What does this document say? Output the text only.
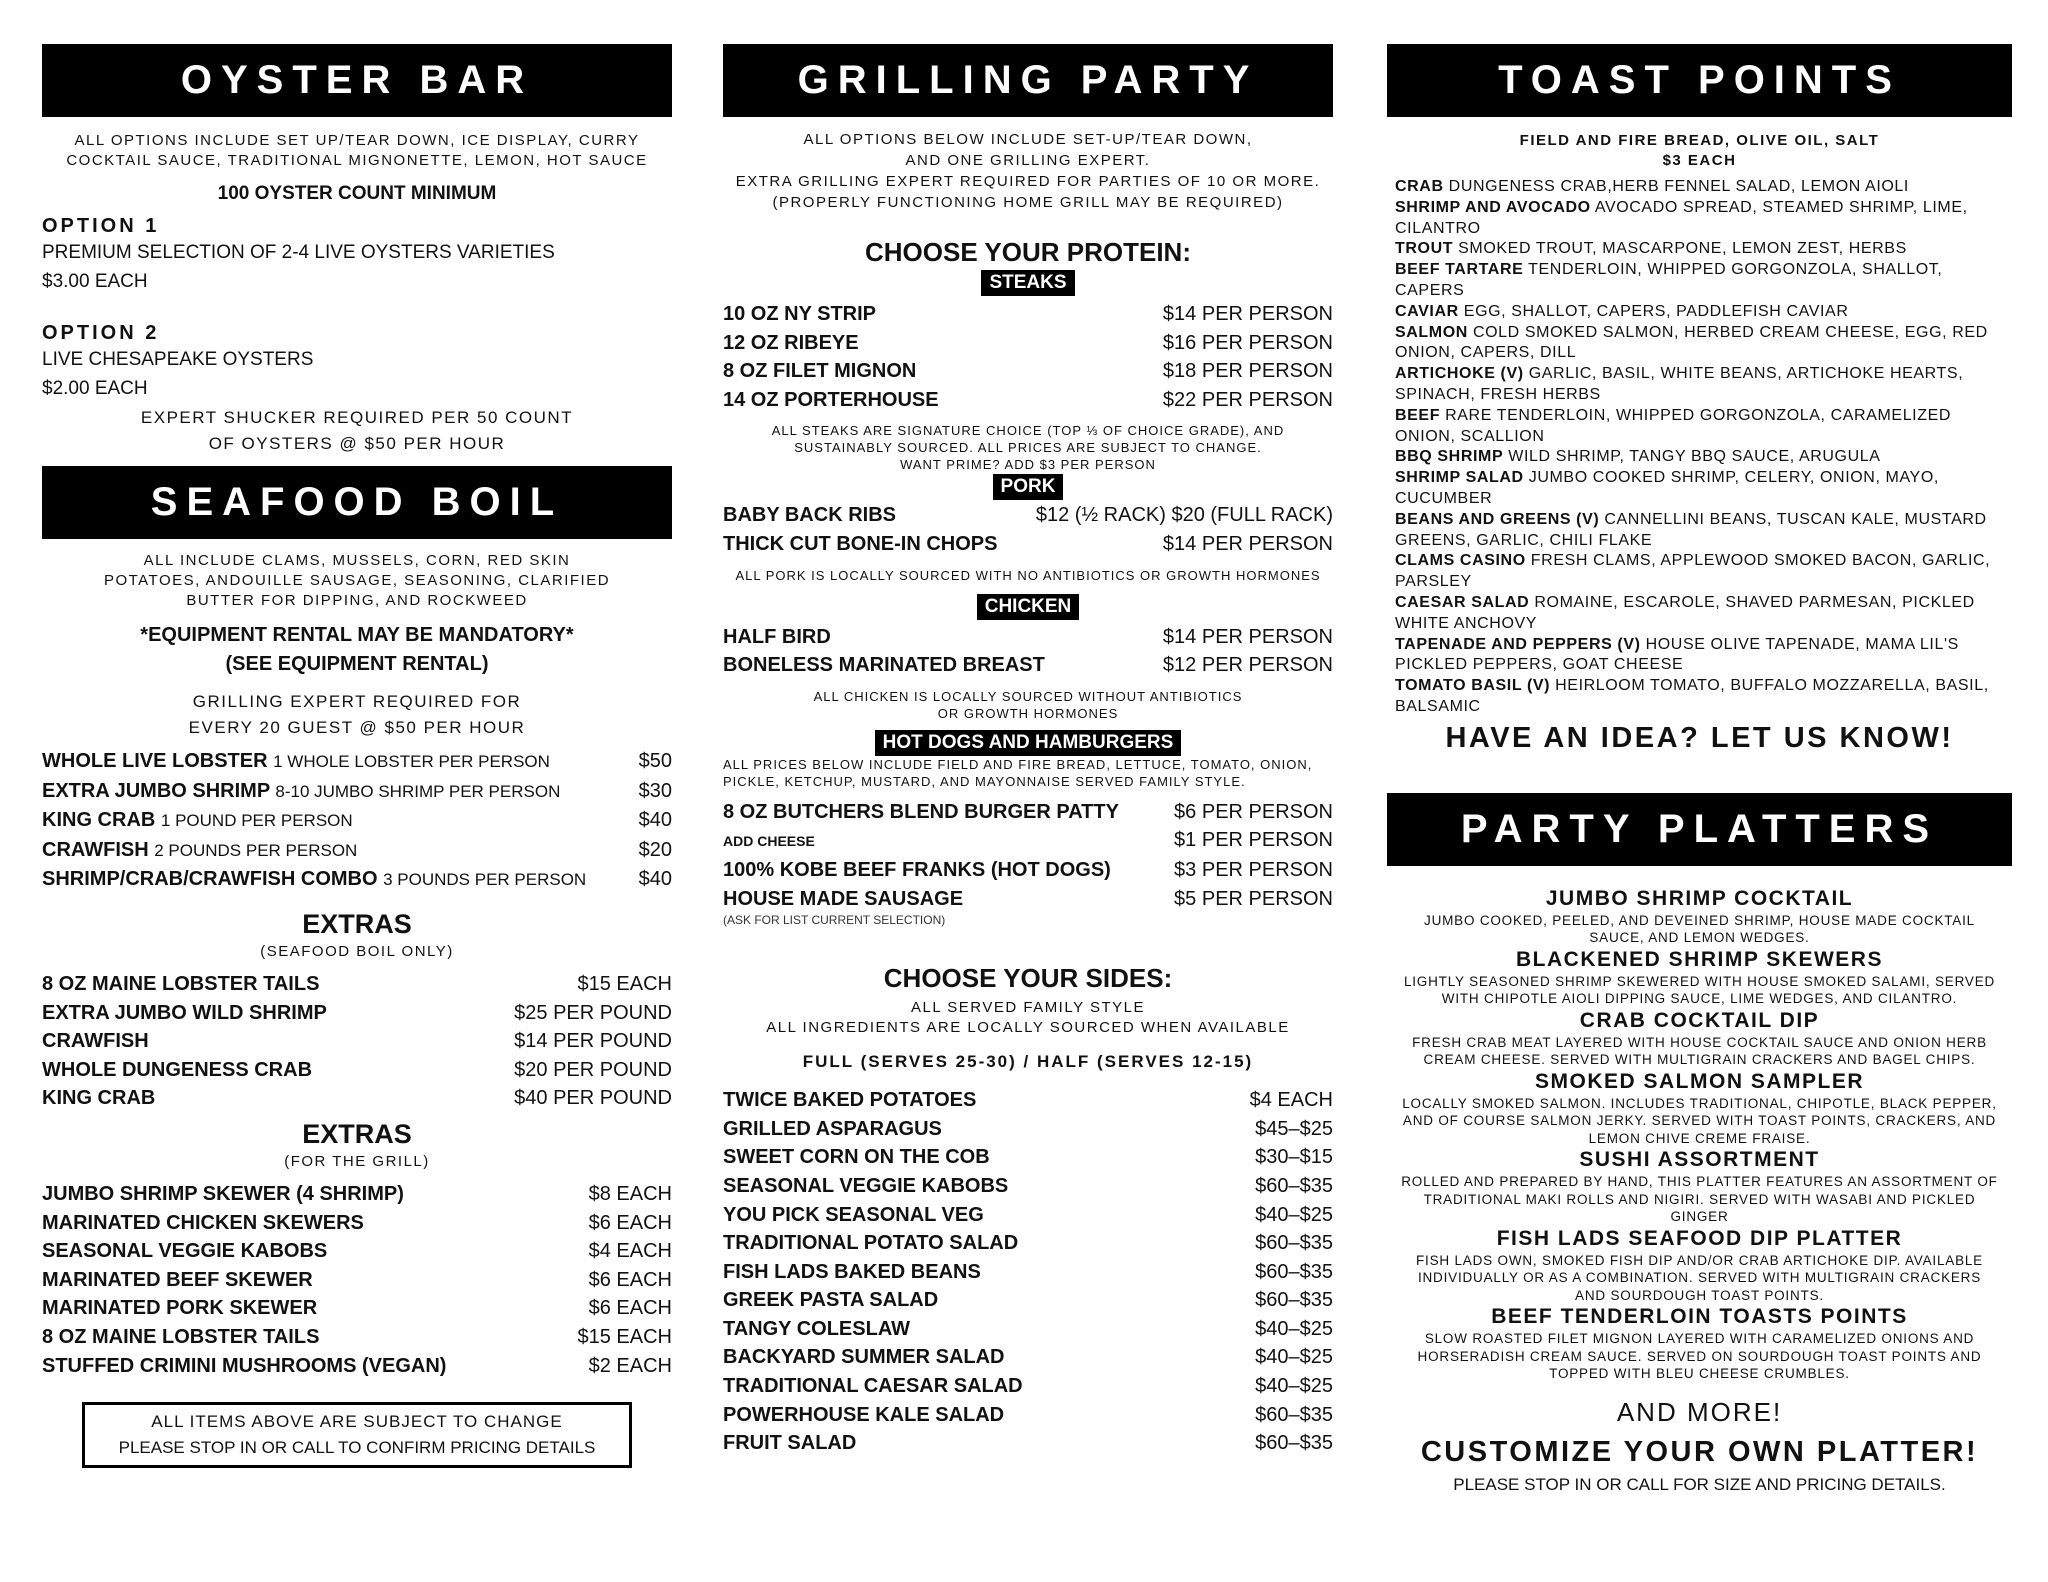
OYSTER BAR
ALL OPTIONS INCLUDE SET UP/TEAR DOWN, ICE DISPLAY, CURRY
COCKTAIL SAUCE, TRADITIONAL MIGNONETTE, LEMON, HOT SAUCE
100 OYSTER COUNT MINIMUM
OPTION 1
PREMIUM SELECTION OF 2-4 LIVE OYSTERS VARIETIES
$3.00 EACH
OPTION 2
LIVE CHESAPEAKE OYSTERS
$2.00 EACH
EXPERT SHUCKER REQUIRED PER 50 COUNT
OF OYSTERS @ $50 PER HOUR
SEAFOOD BOIL
ALL INCLUDE CLAMS, MUSSELS, CORN, RED SKIN
POTATOES, ANDOUILLE SAUSAGE, SEASONING, CLARIFIED
BUTTER FOR DIPPING, AND ROCKWEED
*EQUIPMENT RENTAL MAY BE MANDATORY*
(SEE EQUIPMENT RENTAL)
GRILLING EXPERT REQUIRED FOR
EVERY 20 GUEST @ $50 PER HOUR
WHOLE LIVE LOBSTER 1 WHOLE LOBSTER PER PERSON	$50
EXTRA JUMBO SHRIMP 8-10 JUMBO SHRIMP PER PERSON	$30
KING CRAB 1 POUND PER PERSON	$40
CRAWFISH 2 POUNDS PER PERSON	$20
SHRIMP/CRAB/CRAWFISH COMBO 3 POUNDS PER PERSON	$40
EXTRAS
(SEAFOOD BOIL ONLY)
8 OZ MAINE LOBSTER TAILS	$15 EACH
EXTRA JUMBO WILD SHRIMP	$25 PER POUND
CRAWFISH	$14 PER POUND
WHOLE DUNGENESS CRAB	$20 PER POUND
KING CRAB	$40 PER POUND
EXTRAS
(FOR THE GRILL)
JUMBO SHRIMP SKEWER (4 SHRIMP)	$8 EACH
MARINATED CHICKEN SKEWERS	$6 EACH
SEASONAL VEGGIE KABOBS	$4 EACH
MARINATED BEEF SKEWER	$6 EACH
MARINATED PORK SKEWER	$6 EACH
8 OZ MAINE LOBSTER TAILS	$15 EACH
STUFFED CRIMINI MUSHROOMS (VEGAN)	$2 EACH
ALL ITEMS ABOVE ARE SUBJECT TO CHANGE
PLEASE STOP IN OR CALL TO CONFIRM PRICING DETAILS
GRILLING PARTY
ALL OPTIONS BELOW INCLUDE SET-UP/TEAR DOWN,
AND ONE GRILLING EXPERT.
EXTRA GRILLING EXPERT REQUIRED FOR PARTIES OF 10 OR MORE.
(PROPERLY FUNCTIONING HOME GRILL MAY BE REQUIRED)
CHOOSE YOUR PROTEIN:
STEAKS
10 OZ NY STRIP	$14 PER PERSON
12 OZ RIBEYE	$16 PER PERSON
8 OZ FILET MIGNON	$18 PER PERSON
14 OZ PORTERHOUSE	$22 PER PERSON
ALL STEAKS ARE SIGNATURE CHOICE (TOP ⅓ OF CHOICE GRADE), AND
SUSTAINABLY SOURCED. ALL PRICES ARE SUBJECT TO CHANGE.
WANT PRIME? ADD $3 PER PERSON
PORK
BABY BACK RIBS	$12 (½ RACK) $20 (FULL RACK)
THICK CUT BONE-IN CHOPS	$14 PER PERSON
ALL PORK IS LOCALLY SOURCED WITH NO ANTIBIOTICS OR GROWTH HORMONES
CHICKEN
HALF BIRD	$14 PER PERSON
BONELESS MARINATED BREAST	$12 PER PERSON
ALL CHICKEN IS LOCALLY SOURCED WITHOUT ANTIBIOTICS
OR GROWTH HORMONES
HOT DOGS AND HAMBURGERS
ALL PRICES BELOW INCLUDE FIELD AND FIRE BREAD, LETTUCE, TOMATO, ONION,
PICKLE, KETCHUP, MUSTARD, AND MAYONNAISE SERVED FAMILY STYLE.
8 OZ BUTCHERS BLEND BURGER PATTY	$6 PER PERSON
ADD CHEESE	$1 PER PERSON
100% KOBE BEEF FRANKS (HOT DOGS)	$3 PER PERSON
HOUSE MADE SAUSAGE	$5 PER PERSON
(ASK FOR LIST CURRENT SELECTION)
CHOOSE YOUR SIDES:
ALL SERVED FAMILY STYLE
ALL INGREDIENTS ARE LOCALLY SOURCED WHEN AVAILABLE
FULL (SERVES 25-30) / HALF (SERVES 12-15)
TWICE BAKED POTATOES	$4 EACH
GRILLED ASPARAGUS	$45–$25
SWEET CORN ON THE COB	$30–$15
SEASONAL VEGGIE KABOBS	$60–$35
YOU PICK SEASONAL VEG	$40–$25
TRADITIONAL POTATO SALAD	$60–$35
FISH LADS BAKED BEANS	$60–$35
GREEK PASTA SALAD	$60–$35
TANGY COLESLAW	$40–$25
BACKYARD SUMMER SALAD	$40–$25
TRADITIONAL CAESAR SALAD	$40–$25
POWERHOUSE KALE SALAD	$60–$35
FRUIT SALAD	$60–$35
TOAST POINTS
FIELD AND FIRE BREAD, OLIVE OIL, SALT
$3 EACH
CRAB DUNGENESS CRAB,HERB FENNEL SALAD, LEMON AIOLI
SHRIMP AND AVOCADO AVOCADO SPREAD, STEAMED SHRIMP, LIME, CILANTRO
TROUT SMOKED TROUT, MASCARPONE, LEMON ZEST, HERBS
BEEF TARTARE TENDERLOIN, WHIPPED GORGONZOLA, SHALLOT, CAPERS
CAVIAR EGG, SHALLOT, CAPERS, PADDLEFISH CAVIAR
SALMON COLD SMOKED SALMON, HERBED CREAM CHEESE, EGG, RED ONION, CAPERS, DILL
ARTICHOKE (V) GARLIC, BASIL, WHITE BEANS, ARTICHOKE HEARTS, SPINACH, FRESH HERBS
BEEF RARE TENDERLOIN, WHIPPED GORGONZOLA, CARAMELIZED ONION, SCALLION
BBQ SHRIMP WILD SHRIMP, TANGY BBQ SAUCE, ARUGULA
SHRIMP SALAD JUMBO COOKED SHRIMP, CELERY, ONION, MAYO, CUCUMBER
BEANS AND GREENS (V) CANNELLINI BEANS, TUSCAN KALE, MUSTARD GREENS, GARLIC, CHILI FLAKE
CLAMS CASINO FRESH CLAMS, APPLEWOOD SMOKED BACON, GARLIC, PARSLEY
CAESAR SALAD ROMAINE, ESCAROLE, SHAVED PARMESAN, PICKLED WHITE ANCHOVY
TAPENADE AND PEPPERS (V) HOUSE OLIVE TAPENADE, MAMA LIL'S PICKLED PEPPERS, GOAT CHEESE
TOMATO BASIL (V) HEIRLOOM TOMATO, BUFFALO MOZZARELLA, BASIL, BALSAMIC
HAVE AN IDEA? LET US KNOW!
PARTY PLATTERS
JUMBO SHRIMP COCKTAIL
JUMBO COOKED, PEELED, AND DEVEINED SHRIMP, HOUSE MADE COCKTAIL SAUCE, AND LEMON WEDGES.
BLACKENED SHRIMP SKEWERS
LIGHTLY SEASONED SHRIMP SKEWERED WITH HOUSE SMOKED SALAMI, SERVED WITH CHIPOTLE AIOLI DIPPING SAUCE, LIME WEDGES, AND CILANTRO.
CRAB COCKTAIL DIP
FRESH CRAB MEAT LAYERED WITH HOUSE COCKTAIL SAUCE AND ONION HERB CREAM CHEESE. SERVED WITH MULTIGRAIN CRACKERS AND BAGEL CHIPS.
SMOKED SALMON SAMPLER
LOCALLY SMOKED SALMON. INCLUDES TRADITIONAL, CHIPOTLE, BLACK PEPPER, AND OF COURSE SALMON JERKY. SERVED WITH TOAST POINTS, CRACKERS, AND LEMON CHIVE CREME FRAISE.
SUSHI ASSORTMENT
ROLLED AND PREPARED BY HAND, THIS PLATTER FEATURES AN ASSORTMENT OF TRADITIONAL MAKI ROLLS AND NIGIRI. SERVED WITH WASABI AND PICKLED GINGER
FISH LADS SEAFOOD DIP PLATTER
FISH LADS OWN, SMOKED FISH DIP AND/OR CRAB ARTICHOKE DIP. AVAILABLE INDIVIDUALLY OR AS A COMBINATION. SERVED WITH MULTIGRAIN CRACKERS AND SOURDOUGH TOAST POINTS.
BEEF TENDERLOIN TOASTS POINTS
SLOW ROASTED FILET MIGNON LAYERED WITH CARAMELIZED ONIONS AND HORSERADISH CREAM SAUCE. SERVED ON SOURDOUGH TOAST POINTS AND TOPPED WITH BLEU CHEESE CRUMBLES.
AND MORE!
CUSTOMIZE YOUR OWN PLATTER!
PLEASE STOP IN OR CALL FOR SIZE AND PRICING DETAILS.
